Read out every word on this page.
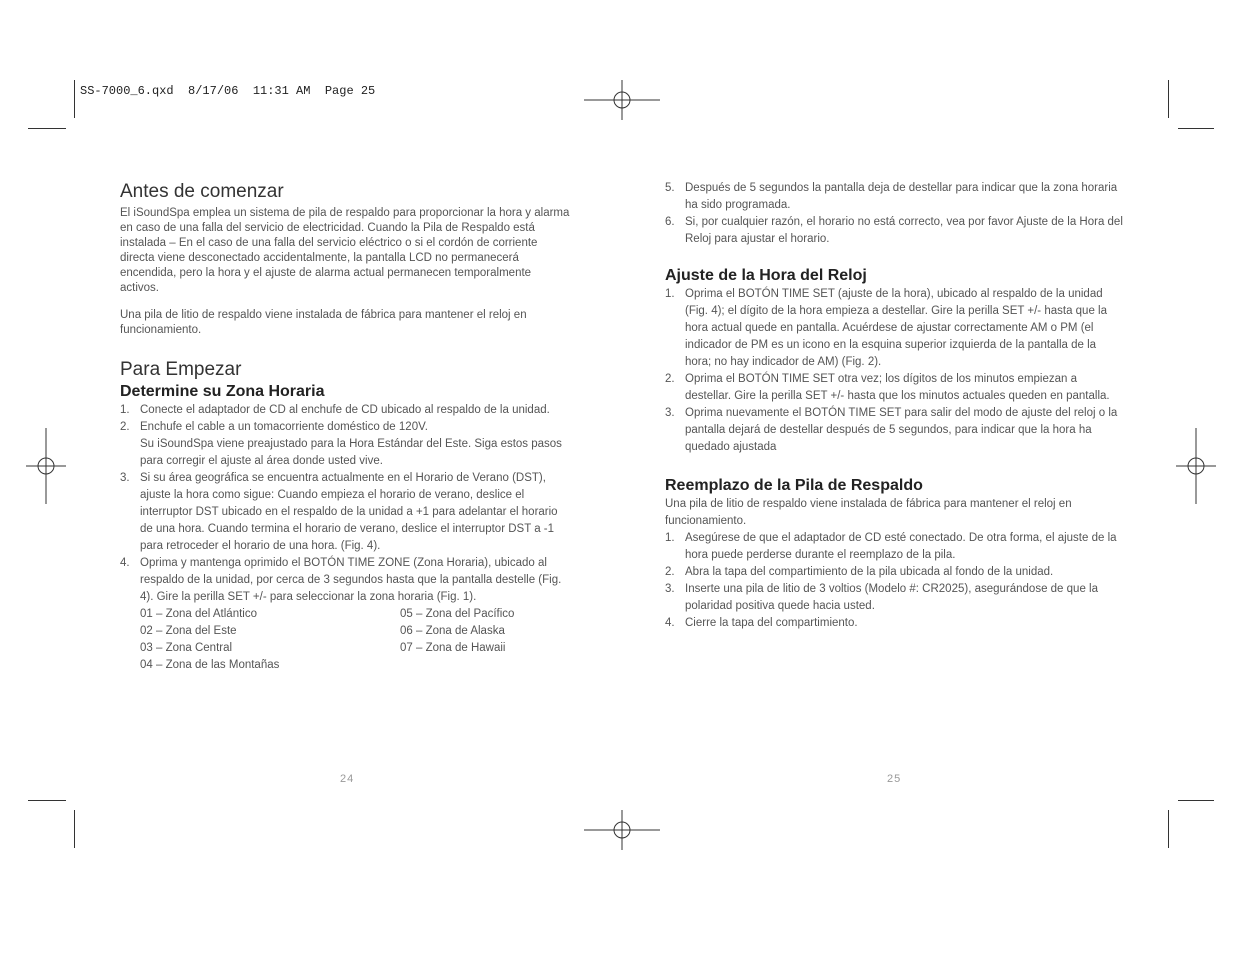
SS-7000_6.qxd  8/17/06  11:31 AM  Page 25
Antes de comenzar

El iSoundSpa emplea un sistema de pila de respaldo para proporcionar la hora y alarma en caso de una falla del servicio de electricidad. Cuando la Pila de Respaldo está instalada – En el caso de una falla del servicio eléctrico o si el cordón de corriente directa viene desconectado accidentalmente, la pantalla LCD no permanecerá encendida, pero la hora y el ajuste de alarma actual permanecen temporalmente activos.

Una pila de litio de respaldo viene instalada de fábrica para mantener el reloj en funcionamiento.

Para Empezar
Determine su Zona Horaria
1. Conecte el adaptador de CD al enchufe de CD ubicado al respaldo de la unidad.
2. Enchufe el cable a un tomacorriente doméstico de 120V.
Su iSoundSpa viene preajustado para la Hora Estándar del Este. Siga estos pasos para corregir el ajuste al área donde usted vive.
3. Si su área geográfica se encuentra actualmente en el Horario de Verano (DST), ajuste la hora como sigue: Cuando empieza el horario de verano, deslice el interruptor DST ubicado en el respaldo de la unidad a +1 para adelantar el horario de una hora. Cuando termina el horario de verano, deslice el interruptor DST a -1 para retroceder el horario de una hora. (Fig. 4).
4. Oprima y mantenga oprimido el BOTÓN TIME ZONE (Zona Horaria), ubicado al respaldo de la unidad, por cerca de 3 segundos hasta que la pantalla destelle (Fig. 4). Gire la perilla SET +/- para seleccionar la zona horaria (Fig. 1).
01 – Zona del Atlántico	05 – Zona del Pacífico
02 – Zona del Este	06 – Zona de Alaska
03 – Zona Central	07 – Zona de Hawaii
04 – Zona de las Montañas
24
5. Después de 5 segundos la pantalla deja de destellar para indicar que la zona horaria ha sido programada.
6. Si, por cualquier razón, el horario no está correcto, vea por favor Ajuste de la Hora del Reloj para ajustar el horario.
Ajuste de la Hora del Reloj
1. Oprima el BOTÓN TIME SET (ajuste de la hora), ubicado al respaldo de la unidad (Fig. 4); el dígito de la hora empieza a destellar. Gire la perilla SET +/- hasta que la hora actual quede en pantalla. Acuérdese de ajustar correctamente AM o PM (el indicador de PM es un icono en la esquina superior izquierda de la pantalla de la hora; no hay indicador de AM) (Fig. 2).
2. Oprima el BOTÓN TIME SET otra vez; los dígitos de los minutos empiezan a destellar. Gire la perilla SET +/- hasta que los minutos actuales queden en pantalla.
3. Oprima nuevamente el BOTÓN TIME SET para salir del modo de ajuste del reloj o la pantalla dejará de destellar después de 5 segundos, para indicar que la hora ha quedado ajustada
Reemplazo de la Pila de Respaldo

Una pila de litio de respaldo viene instalada de fábrica para mantener el reloj en funcionamiento.

1. Asegúrese de que el adaptador de CD esté conectado. De otra forma, el ajuste de la hora puede perderse durante el reemplazo de la pila.
2. Abra la tapa del compartimiento de la pila ubicada al fondo de la unidad.
3. Inserte una pila de litio de 3 voltios (Modelo #: CR2025), asegurándose de que la polaridad positiva quede hacia usted.
4. Cierre la tapa del compartimiento.
25
